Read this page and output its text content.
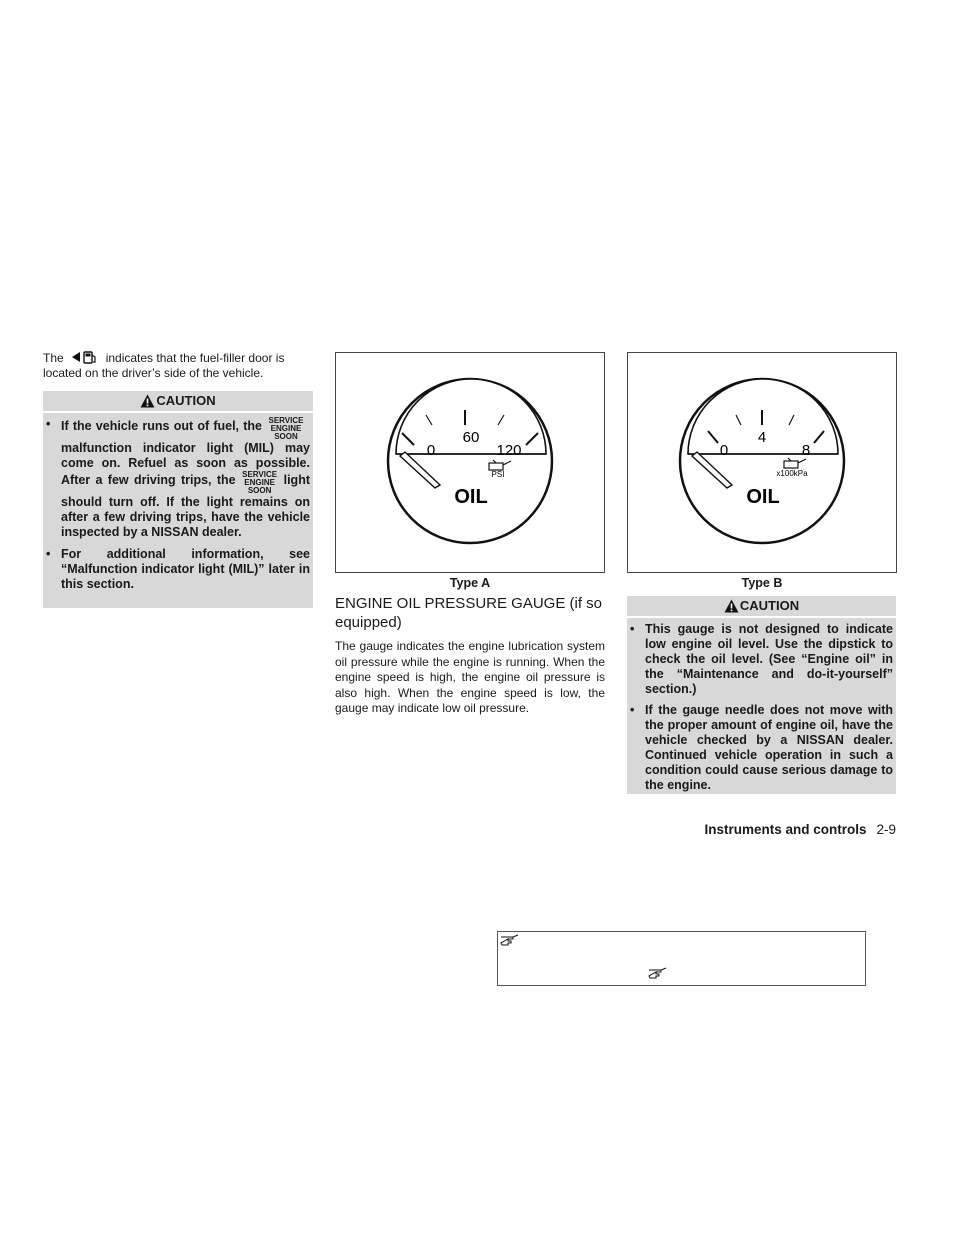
The	indicates that the fuel-filler door is located on the driver’s side of the vehicle.
CAUTION
• If the vehicle runs out of fuel, the SERVICE
ENGINE
SOON
malfunction indicator light (MIL) may come on. Refuel as soon as possible. After a few driving trips, the SERVICE
ENGINE
SOON
light should turn off. If the light remains on after a few driving trips, have the vehicle inspected by a NISSAN dealer.
• For additional information, see “Malfunction indicator light (MIL)” later in this section.
0
60
120
PSI
OIL
Type A
0
4
8
x100kPa
OIL
Type B
ENGINE OIL PRESSURE GAUGE (if so equipped)
The gauge indicates the engine lubrication system oil pressure while the engine is running. When the engine speed is high, the engine oil pressure is also high. When the engine speed is low, the gauge may indicate low oil pressure.
CAUTION
• This gauge is not designed to indicate low engine oil level. Use the dipstick to check the oil level. (See “Engine oil” in the “Maintenance and do-it-yourself” section.)
• If the gauge needle does not move with the proper amount of engine oil, have the vehicle checked by a NISSAN dealer. Continued vehicle operation in such a condition could cause serious damage to the engine.
Instruments and controls 2-9
